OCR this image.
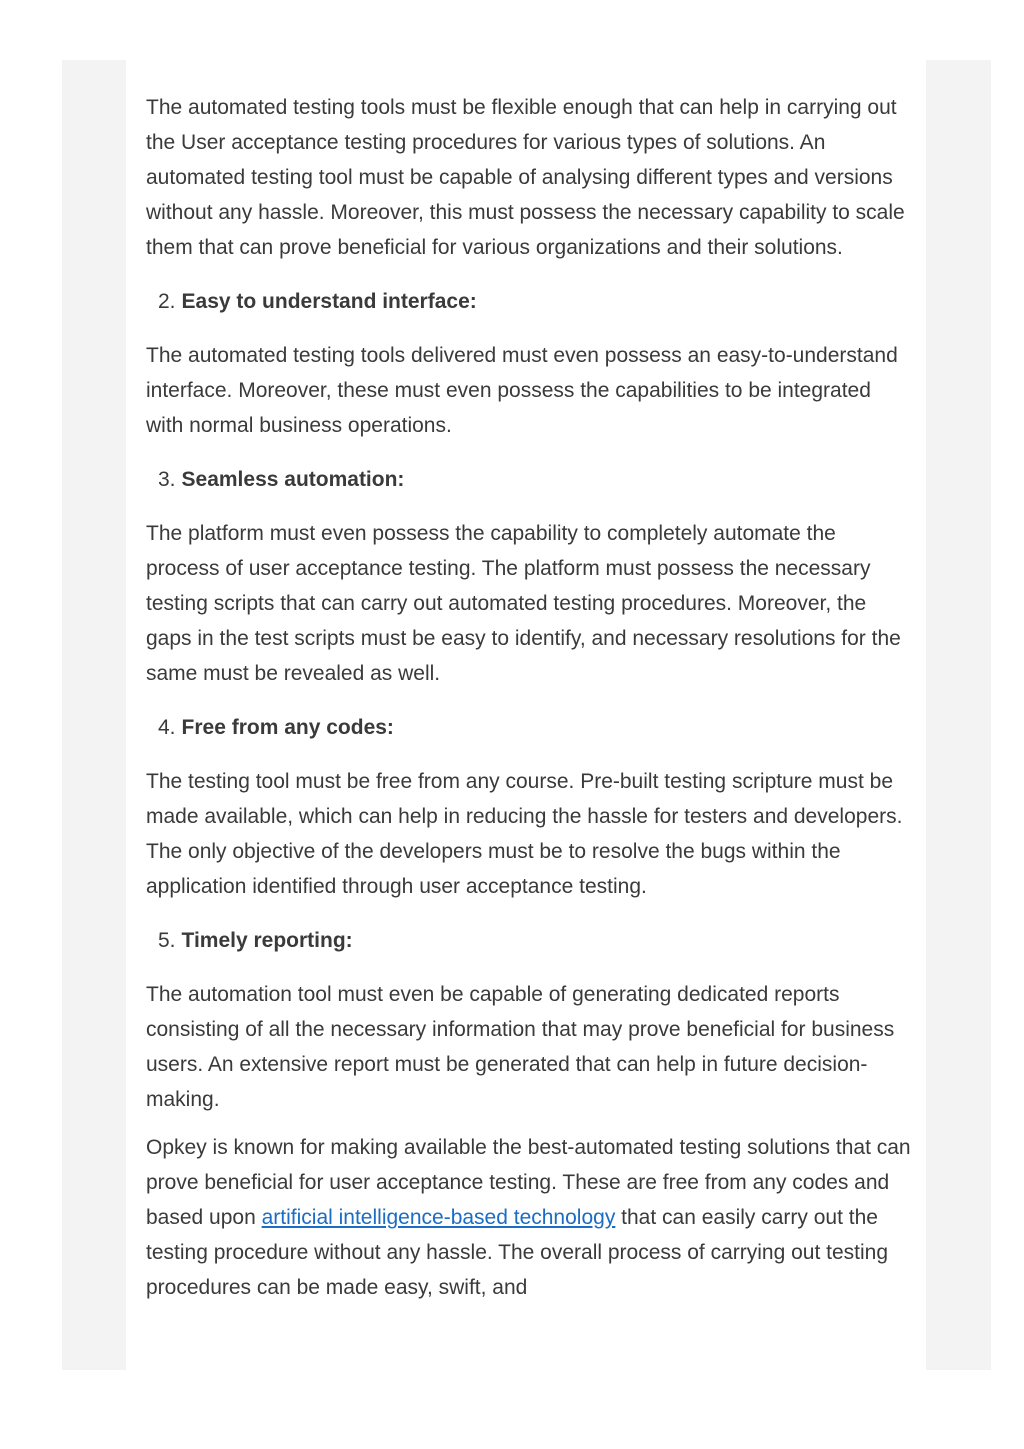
The automated testing tools must be flexible enough that can help in carrying out the User acceptance testing procedures for various types of solutions. An automated testing tool must be capable of analysing different types and versions without any hassle. Moreover, this must possess the necessary capability to scale them that can prove beneficial for various organizations and their solutions.

2. Easy to understand interface:

The automated testing tools delivered must even possess an easy-to-understand interface. Moreover, these must even possess the capabilities to be integrated with normal business operations.

3. Seamless automation:

The platform must even possess the capability to completely automate the process of user acceptance testing. The platform must possess the necessary testing scripts that can carry out automated testing procedures. Moreover, the gaps in the test scripts must be easy to identify, and necessary resolutions for the same must be revealed as well.

4. Free from any codes:

The testing tool must be free from any course. Pre-built testing scripture must be made available, which can help in reducing the hassle for testers and developers. The only objective of the developers must be to resolve the bugs within the application identified through user acceptance testing.

5. Timely reporting:

The automation tool must even be capable of generating dedicated reports consisting of all the necessary information that may prove beneficial for business users. An extensive report must be generated that can help in future decision-making.

Opkey is known for making available the best-automated testing solutions that can prove beneficial for user acceptance testing. These are free from any codes and based upon artificial intelligence-based technology that can easily carry out the testing procedure without any hassle. The overall process of carrying out testing procedures can be made easy, swift, and
